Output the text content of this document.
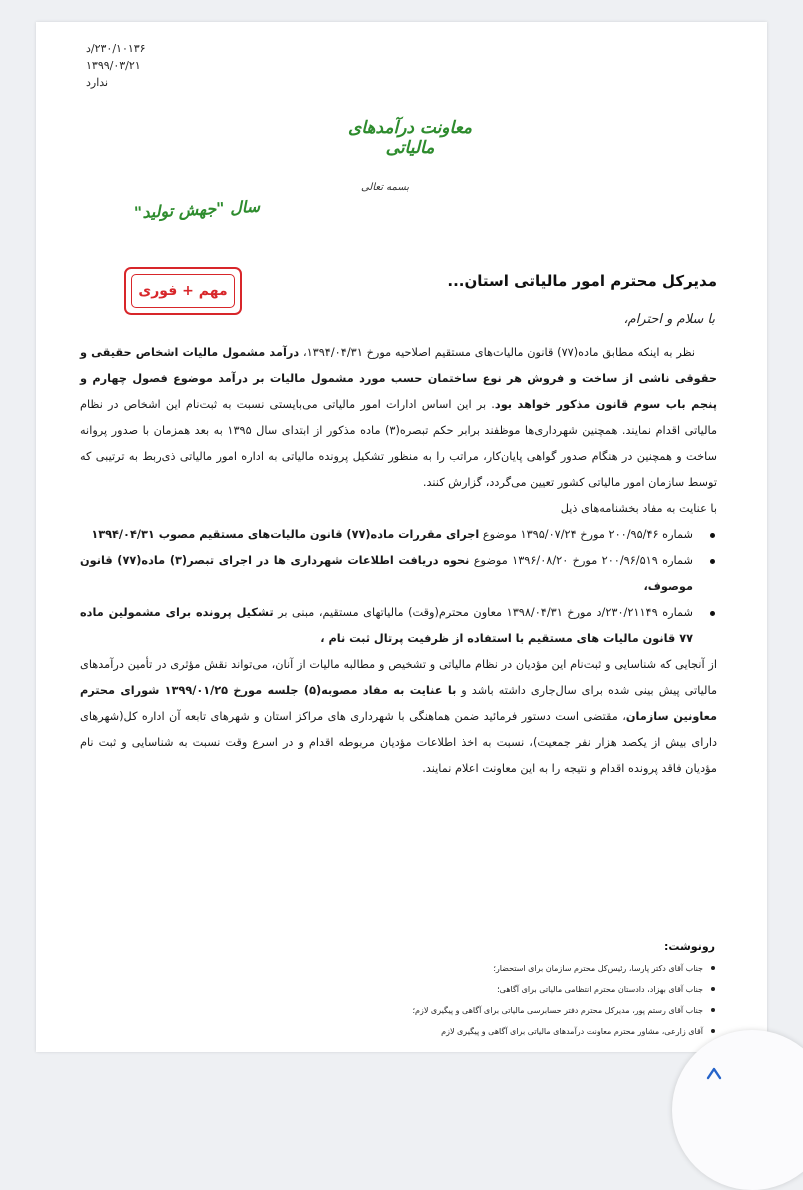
۲۳۰/۱۰۱۳۶/د
۱۳۹۹/۰۳/۲۱
ندارد
معاونت درآمدهای مالیاتی
بسمه تعالی
سال "جهش تولید"
مهم + فوری
مدیرکل محترم امور مالیاتی استان...
با سلام و احترام،

نظر به اینکه مطابق ماده(۷۷) قانون مالیات‌های مستقیم اصلاحیه مورخ ۱۳۹۴/۰۴/۳۱، درآمد مشمول مالیات اشخاص حقیقی و حقوقی ناشی از ساخت و فروش هر نوع ساختمان حسب مورد مشمول مالیات بر درآمد موضوع فصول چهارم و پنجم باب سوم قانون مذکور خواهد بود. بر این اساس ادارات امور مالیاتی می‌بایستی نسبت به ثبت‌نام این اشخاص در نظام مالیاتی اقدام نمایند. همچنین شهرداری‌ها موظفند برابر حکم تبصره(۳) ماده مذکور از ابتدای سال ۱۳۹۵ به بعد همزمان با صدور پروانه ساخت و همچنین در هنگام صدور گواهی پایان‌کار، مراتب را به منظور تشکیل پرونده مالیاتی به اداره امور مالیاتی ذی‌ربط به ترتیبی که توسط سازمان امور مالیاتی کشور تعیین می‌گردد، گزارش کنند.

با عنایت به مفاد بخشنامه‌های ذیل

شماره ۲۰۰/۹۵/۴۶ مورخ ۱۳۹۵/۰۷/۲۴ موضوع اجرای مقررات ماده(۷۷) قانون مالیات‌های مستقیم مصوب ۱۳۹۴/۰۴/۳۱
شماره ۲۰۰/۹۶/۵۱۹ مورخ ۱۳۹۶/۰۸/۲۰ موضوع نحوه دریافت اطلاعات شهرداری ها در اجرای تبصر(۳) ماده(۷۷) قانون موصوف،
شماره ۲۳۰/۲۱۱۴۹/د مورخ ۱۳۹۸/۰۴/۳۱ معاون محترم(وقت) مالیاتهای مستقیم، مبنی بر تشکیل پرونده برای مشمولین ماده ۷۷ قانون مالیات های مستقیم با استفاده از ظرفیت پرتال ثبت نام ،

از آنجایی که شناسایی و ثبت‌نام این مؤدیان در نظام مالیاتی و تشخیص و مطالبه مالیات از آنان، می‌تواند نقش مؤثری در تأمین درآمدهای مالیاتی پیش بینی شده برای سال‌جاری داشته باشد و با عنایت به مفاد مصوبه(۵) جلسه مورخ ۱۳۹۹/۰۱/۲۵ شورای محترم معاونین سازمان، مقتضی است دستور فرمائید ضمن هماهنگی با شهرداری های مراکز استان و شهرهای تابعه آن اداره کل(شهرهای دارای بیش از یکصد هزار نفر جمعیت)، نسبت به اخذ اطلاعات مؤدیان مربوطه اقدام و در اسرع وقت نسبت به شناسایی و ثبت نام مؤدیان فاقد پرونده اقدام و نتیجه را به این معاونت اعلام نمایند.

رونوشت:
جناب آقای دکتر پارسا، رئیس‌کل محترم سازمان برای استحضار؛
جناب آقای بهزاد، دادستان محترم انتظامی مالیاتی برای آگاهی؛
جناب آقای رستم پور، مدیرکل محترم دفتر حسابرسی مالیاتی برای آگاهی و پیگیری لازم؛
آقای زارعی، مشاور محترم معاونت درآمدهای مالیاتی برای آگاهی و پیگیری لازم
